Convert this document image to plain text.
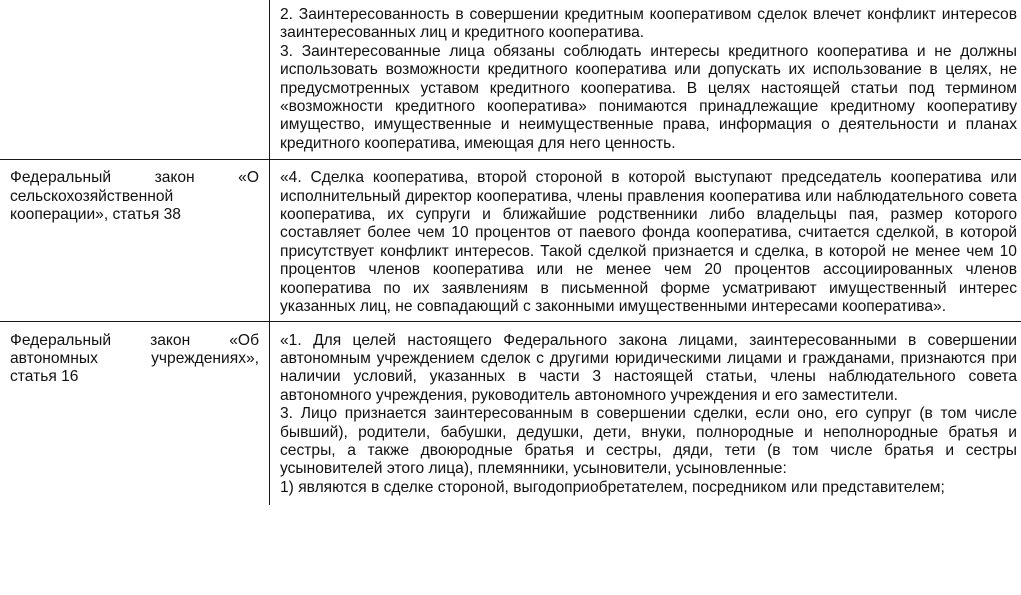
	2. Заинтересованность в совершении кредитным кооперативом сделок влечет конфликт интересов заинтересованных лиц и кредитного кооператива.
3. Заинтересованные лица обязаны соблюдать интересы кредитного кооператива и не должны использовать возможности кредитного кооператива или допускать их использование в целях, не предусмотренных уставом кредитного кооператива. В целях настоящей статьи под термином «возможности кредитного кооператива» понимаются принадлежащие кредитному кооперативу имущество, имущественные и неимущественные права, информация о деятельности и планах кредитного кооператива, имеющая для него ценность.

Федеральный закон «О сельскохозяйственной кооперации», статья 38	«4. Сделка кооператива, второй стороной в которой выступают председатель кооператива или исполнительный директор кооператива, члены правления кооператива или наблюдательного совета кооператива, их супруги и ближайшие родственники либо владельцы пая, размер которого составляет более чем 10 процентов от паевого фонда кооператива, считается сделкой, в которой присутствует конфликт интересов. Такой сделкой признается и сделка, в которой не менее чем 10 процентов членов кооператива или не менее чем 20 процентов ассоциированных членов кооператива по их заявлениям в письменной форме усматривают имущественный интерес указанных лиц, не совпадающий с законными имущественными интересами кооператива».

Федеральный закон «Об автономных учреждениях», статья 16	«1. Для целей настоящего Федерального закона лицами, заинтересованными в совершении автономным учреждением сделок с другими юридическими лицами и гражданами, признаются при наличии условий, указанных в части 3 настоящей статьи, члены наблюдательного совета автономного учреждения, руководитель автономного учреждения и его заместители.
3. Лицо признается заинтересованным в совершении сделки, если оно, его супруг (в том числе бывший), родители, бабушки, дедушки, дети, внуки, полнородные и неполнородные братья и сестры, а также двоюродные братья и сестры, дяди, тети (в том числе братья и сестры усыновителей этого лица), племянники, усыновители, усыновленные:
1) являются в сделке стороной, выгодоприобретателем, посредником или представителем;
